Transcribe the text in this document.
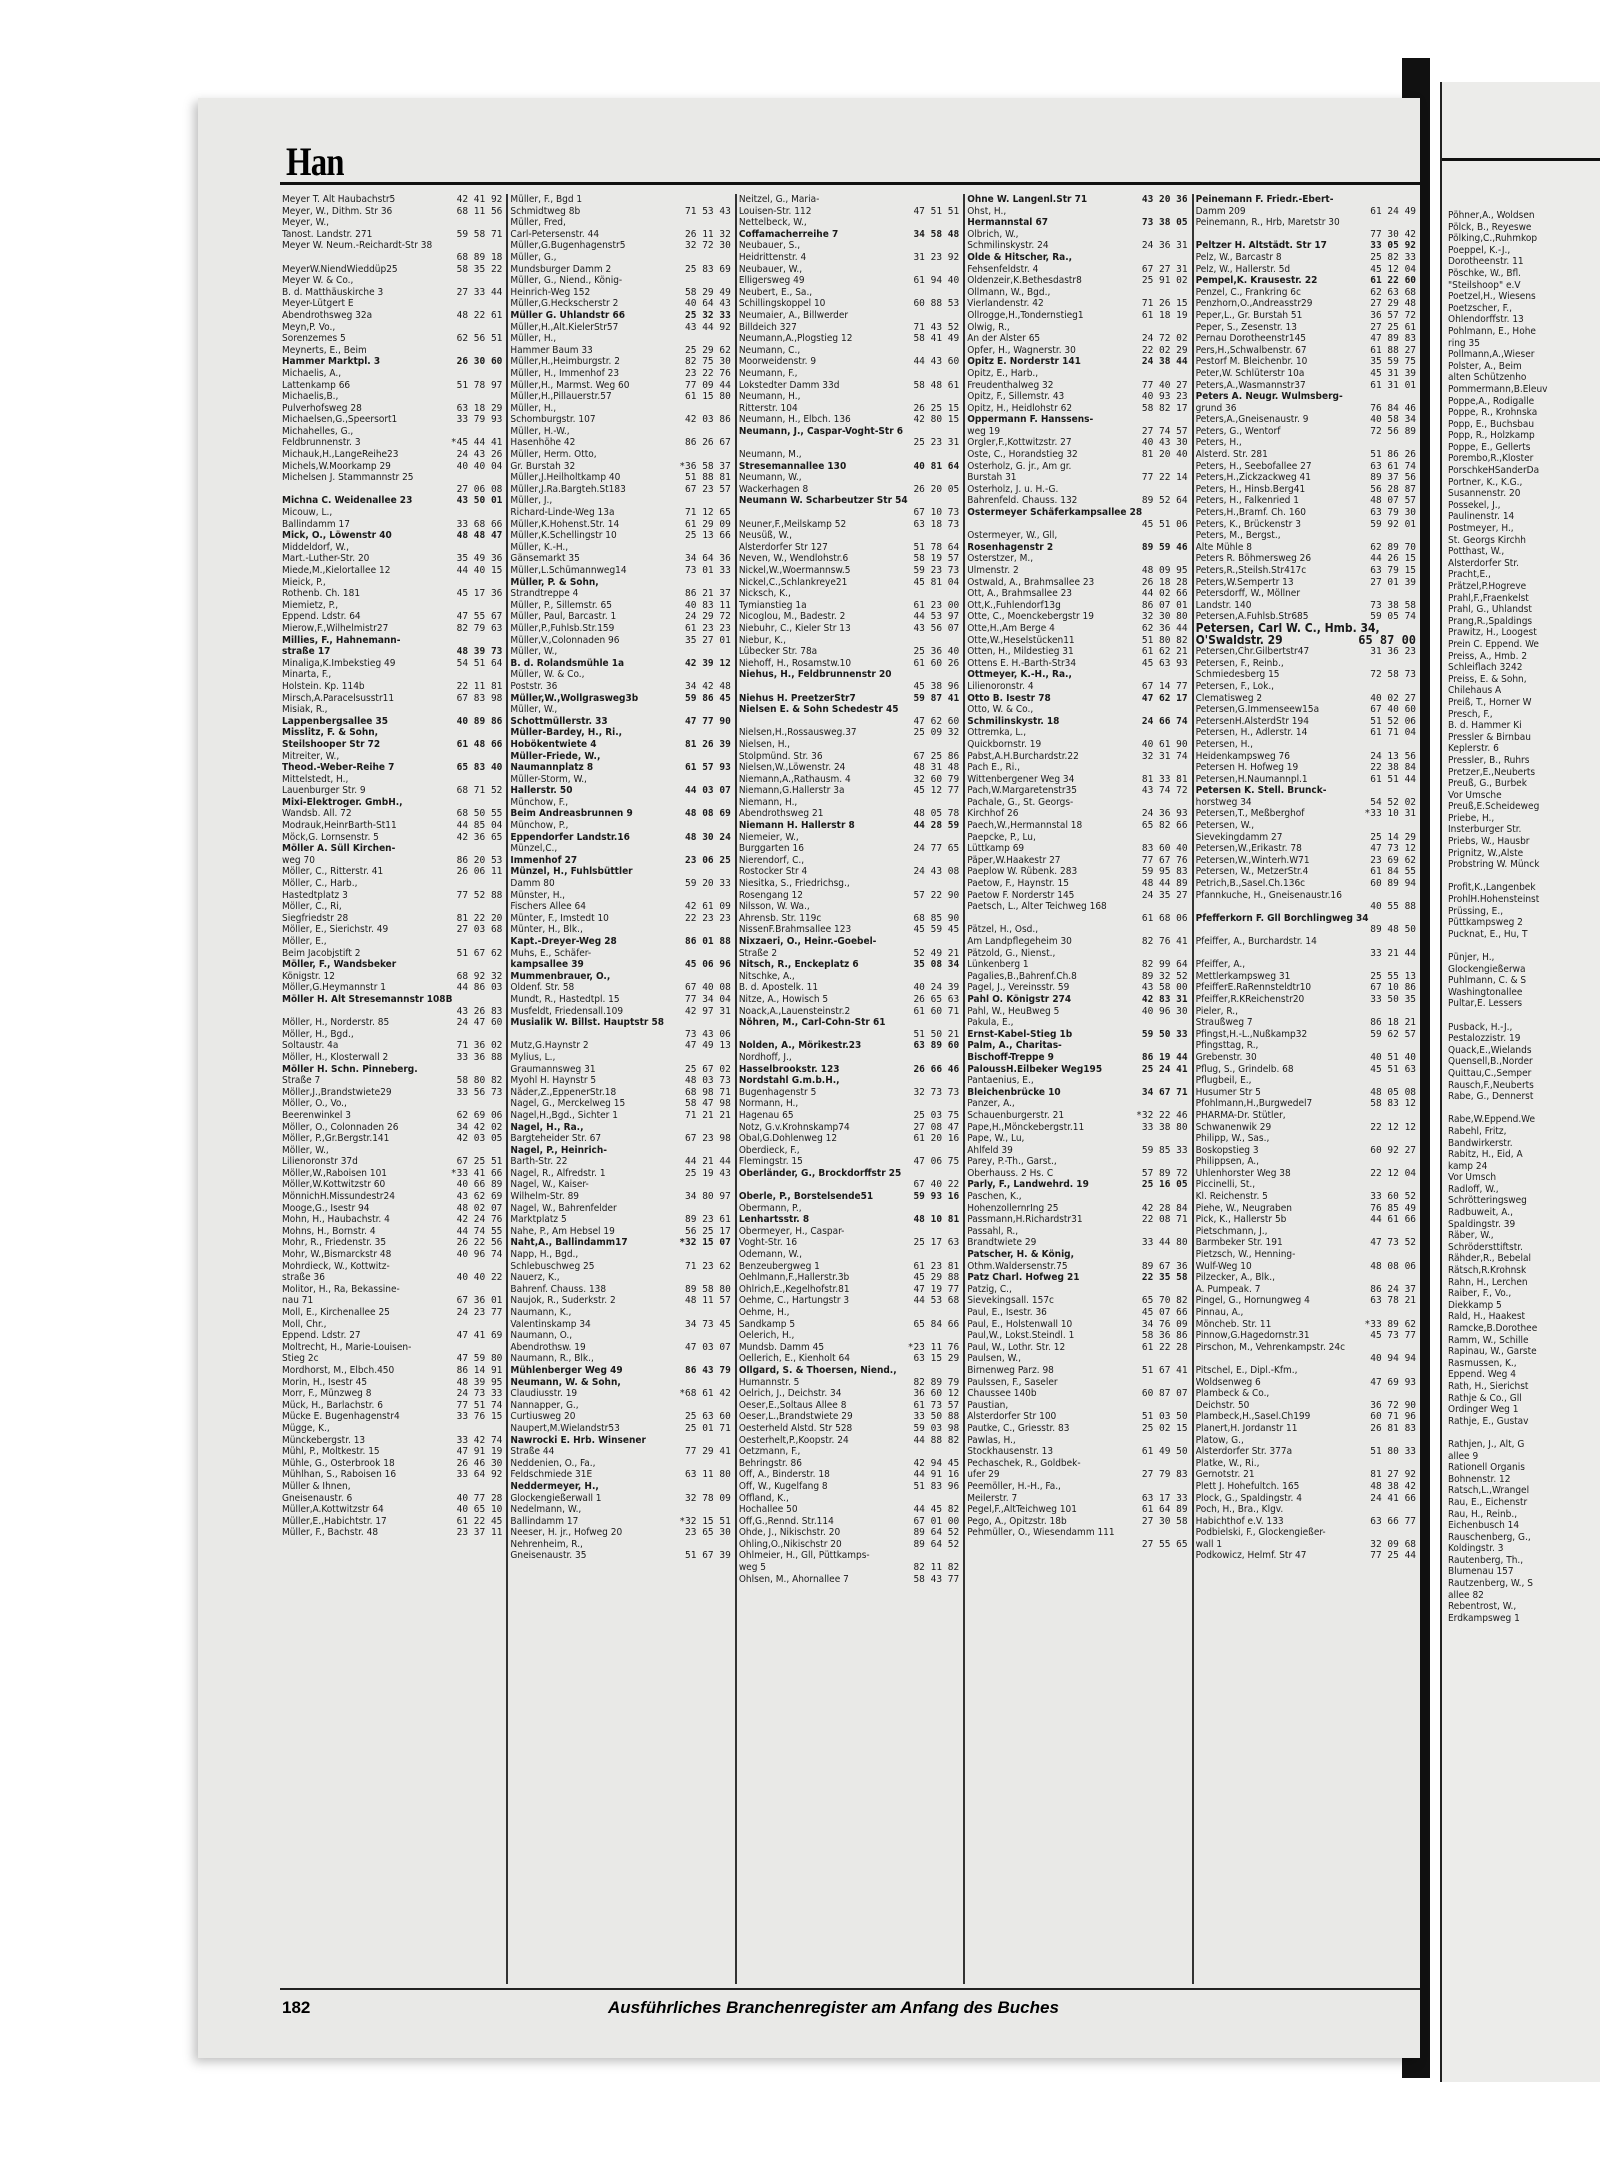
Han
Meyer T. Alt Haubachstr5	42 41 92
Meyer, W., Dithm. Str 36	68 11 56
Meyer, W.,
Tanost. Landstr. 271	59 58 71
Meyer W. Neum.-Reichardt-Str 38
68 89 18
MeyerW.NiendWieddüp25	58 35 22
Meyer W. & Co.,
B. d. Matthäuskirche 3	27 33 44
Meyer-Lütgert E
Abendrothsweg 32a	48 22 61
Meyn,P. Vo.,
Sorenzemes 5	62 56 51
Meynerts, E., Beim
Hammer Marktpl. 3	26 30 60
Michaelis, A.,
Lattenkamp 66	51 78 97
Michaelis,B.,
Pulverhofsweg 28	63 18 29
Michaelsen,G.,Speersort1	33 79 93
Michahelles, G.,
Feldbrunnenstr. 3	*45 44 41
Michauk,H.,LangeReihe23	24 43 26
Michels,W.Moorkamp 29	40 40 04
Michelsen J. Stammannstr 25
27 06 08
Michna C. Weidenallee 23	43 50 01
Micouw, L.,
Ballindamm 17	33 68 66
Mick, O., Löwenstr 40	48 48 47
Middeldorf, W.,
Mart.-Luther-Str. 20	35 49 36
Miede,M.,Kielortallee 12	44 40 15
Mieick, P.,
Rothenb. Ch. 181	45 17 36
Miemietz, P.,
Eppend. Ldstr. 64	47 55 67
Mierow,F.,Wilhelmistr27	82 79 63
Millies, F., Hahnemann-
straße 17	48 39 73
Minaliga,K.Imbekstieg 49	54 51 64
Minarta, F.,
Holstein. Kp. 114b	22 11 81
Mirsch,A.Paracelsusstr11	67 83 98
Misiak, R.,
Lappenbergsallee 35	40 89 86
Misslitz, F. & Sohn,
Steilshooper Str 72	61 48 66
Mitreiter, W.,
Theod.-Weber-Reihe 7	65 83 40
Mittelstedt, H.,
Lauenburger Str. 9	68 71 52
Mixi-Elektroger. GmbH.,
Wandsb. All. 72	68 50 55
Modrauk,HeinrBarth-St11	44 85 04
Möck,G. Lornsenstr. 5	42 36 65
Möller A. Süll Kirchen-
weg 70	86 20 53
Möller, C., Ritterstr. 41	26 06 11
Möller, C., Harb.,
Hastedtplatz 3	77 52 88
Möller, C., Ri,
Siegfriedstr 28	81 22 20
Möller, E., Sierichstr. 49	27 03 68
Möller, E.,
Beim Jacobjstift 2	51 67 62
Möller, F., Wandsbeker
Königstr. 12	68 92 32
Möller,G.Heymannstr 1	44 86 03
Möller H. Alt Stresemannstr 108B
43 26 83
Möller, H., Norderstr. 85	24 47 60
Möller, H., Bgd.,
Soltaustr. 4a	71 36 02
Möller, H., Klosterwall 2	33 36 88
Möller H. Schn. Pinneberg.
Straße 7	58 80 82
Möller,J.,Brandstwiete29	33 56 73
Möller, O., Vo.,
Beerenwinkel 3	62 69 06
Möller, O., Colonnaden 26	34 42 02
Möller, P.,Gr.Bergstr.141	42 03 05
Möller, W.,
Lilienoronstr 37d	67 25 51
Möller,W.,Raboisen 101	*33 41 66
Möller,W.Kottwitzstr 60	40 66 89
MönnichH.Missundestr24	43 62 69
Mooge,G., Isestr 94	48 02 07
Mohn, H., Haubachstr. 4	42 24 76
Mohns, H., Bornstr. 4	44 74 55
Mohr, R., Friedenstr. 35	26 22 56
Mohr, W.,Bismarckstr 48	40 96 74
Mohrdieck, W., Kottwitz-
straße 36	40 40 22
Molitor, H., Ra, Bekassine-
nau 71	67 36 01
Moll, E., Kirchenallee 25	24 23 77
Moll, Chr.,
Eppend. Ldstr. 27	47 41 69
Moltrecht, H., Marie-Louisen-
Stieg 2c	47 59 80
Mordhorst, M., Elbch.450	86 14 91
Morin, H., Isestr 45	48 39 95
Morr, F., Münzweg 8	24 73 33
Mück, H., Barlachstr. 6	77 51 74
Mücke E. Bugenhagenstr4	33 76 15
Mügge, K.,
Münckebergstr. 13	33 42 74
Mühl, P., Moltkestr. 15	47 91 19
Mühle, G., Osterbrook 18	26 46 30
Mühlhan, S., Raboisen 16	33 64 92
Müller & Ihnen,
Gneisenaustr. 6	40 77 28
Müller,A.Kottwitzstr 64	40 65 10
Müller,E.,Habichtstr. 17	61 22 45
Müller, F., Bachstr. 48	23 37 11
Müller, F., Bgd 1
Schmidtweg 8b	71 53 43
Müller, Fred,
Carl-Petersenstr. 44	26 11 32
Müller,G.Bugenhagenstr5	32 72 30
Müller, G.,
Mundsburger Damm 2	25 83 69
Müller, G., Niend., König-
Heinrich-Weg 152	58 29 49
Müller,G.Heckscherstr 2	40 64 43
Müller G. Uhlandstr 66	25 32 33
Müller,H.,Alt.KielerStr57	43 44 92
Müller, H.,
Hammer Baum 33	25 29 62
Müller,H.,Heimburgstr. 2	82 75 30
Müller, H., Immenhof 23	23 22 76
Müller,H., Marmst. Weg 60	77 09 44
Müller,H.,Pillauerstr.57	61 15 80
Müller, H.,
Schomburgstr. 107	42 03 86
Müller, H.-W.,
Hasenhöhe 42	86 26 67
Müller, Herm. Otto,
Gr. Burstah 32	*36 58 37
Müller,J.Heilholtkamp 40	51 88 81
Müller,J.Ra.Bargteh.St183	67 23 57
Müller, J.,
Richard-Linde-Weg 13a	71 12 65
Müller,K.Hohenst.Str. 14	61 29 09
Müller,K.Schellingstr 10	25 13 66
Müller, K.-H.,
Gänsemarkt 35	34 64 36
Müller,L.Schümannweg14	73 01 33
Müller, P. & Sohn,
Strandtreppe 4	86 21 37
Müller, P., Sillemstr. 65	40 83 11
Müller, Paul, Barcastr. 1	24 29 72
Müller,P.,Fuhlsb.Str.159	61 23 23
Müller,V.,Colonnaden 96	35 27 01
Müller, W.,
B. d. Rolandsmühle 1a	42 39 12
Müller, W. & Co.,
Poststr. 36	34 42 48
Müller,W.,Wollgrasweg3b	59 86 45
Müller, W.,
Schottmüllerstr. 33	47 77 90
Müller-Bardey, H., Ri.,
Hobökentwiete 4	81 26 39
Müller-Friede, W.,
Naumannplatz 8	61 57 93
Müller-Storm, W.,
Hallerstr. 50	44 03 07
Münchow, F.,
Beim Andreasbrunnen 9	48 08 69
Münchow, P.,
Eppendorfer Landstr.16	48 30 24
Münzel,C.,
Immenhof 27	23 06 25
Münzel, H., Fuhlsbüttler
Damm 80	59 20 33
Münster, H.,
Fischers Allee 64	42 61 09
Münter, F., Imstedt 10	22 23 23
Münter, H., Blk.,
Kapt.-Dreyer-Weg 28	86 01 88
Muhs, E., Schäfer-
kampsallee 39	45 06 96
Mummenbrauer, O.,
Oldenf. Str. 58	67 40 08
Mundt, R., Hastedtpl. 15	77 34 04
Musfeldt, Friedensall.109	42 97 31
Musialik W. Billst. Hauptstr 58
73 43 06
Mutz,G.Haynstr 2	47 49 13
Mylius, L.,
Graumannsweg 31	25 67 02
Myohl H. Haynstr 5	48 03 73
Näder,Z.,EppenerStr.18	68 98 71
Nagel, G., Merckelweg 15	58 47 98
Nagel,H.,Bgd., Sichter 1	71 21 21
Nagel, H., Ra.,
Bargteheider Str. 67	67 23 98
Nagel, P., Heinrich-
Barth-Str. 22	44 21 44
Nagel, R., Alfredstr. 1	25 19 43
Nagel, W., Kaiser-
Wilhelm-Str. 89	34 80 97
Nagel, W., Bahrenfelder
Marktplatz 5	89 23 61
Nahe, P., Am Hebsel 19	56 25 17
Naht,A., Ballindamm17	*32 15 07
Napp, H., Bgd.,
Schlebuschweg 25	71 23 62
Nauerz, K.,
Bahrenf. Chauss. 138	89 58 80
Naujok, R., Suderkstr. 2	48 11 57
Naumann, K.,
Valentinskamp 34	34 73 45
Naumann, O.,
Abendrothsw. 19	47 03 07
Naumann, R., Blk.,
Mühlenberger Weg 49	86 43 79
Neumann, W. & Sohn,
Claudiusstr. 19	*68 61 42
Nannapper, G.,
Curtiusweg 20	25 63 60
Naupert,M.Wielandstr53	25 01 71
Nawrocki E. Hrb. Winsener
Straße 44	77 29 41
Neddenien, O., Fa.,
Feldschmiede 31E	63 11 80
Neddermeyer, H.,
Glockengießerwall 1	32 78 09
Nedelmann, W.,
Ballindamm 17	*32 15 51
Neeser, H. jr., Hofweg 20	23 65 30
Nehrenheim, R.,
Gneisenaustr. 35	51 67 39
Neitzel, G., Maria-
Louisen-Str. 112	47 51 51
Nettelbeck, W.,
Coffamacherreihe 7	34 58 48
Neubauer, S.,
Heidrittenstr. 4	31 23 92
Neubauer, W.,
Elligersweg 49	61 94 40
Neubert, E., Sa.,
Schillingskoppel 10	60 88 53
Neumaier, A., Billwerder
Billdeich 327	71 43 52
Neumann,A.,Plogstieg 12	58 41 49
Neumann, C.,
Moorweidenstr. 9	44 43 60
Neumann, F.,
Lokstedter Damm 33d	58 48 61
Neumann, H.,
Ritterstr. 104	26 25 15
Neumann, H., Elbch. 136	42 80 15
Neumann, J., Caspar-Voght-Str 6
25 23 31
Neumann, M.,
Stresemannallee 130	40 81 64
Neumann, W.,
Wackerhagen 8	26 20 05
Neumann W. Scharbeutzer Str 54
67 10 73
Neuner,F.,Meilskamp 52	63 18 73
Neusüß, W.,
Alsterdorfer Str 127	51 78 64
Neven, W., Wendlohstr.6	58 19 57
Nickel,W.,Woermannsw.5	59 23 73
Nickel,C.,Schlankreye21	45 81 04
Nicksch, K.,
Tymianstieg 1a	61 23 00
Nicoglou, M., Badestr. 2	44 53 97
Niebuhr, C., Kieler Str 13	43 56 07
Niebur, K.,
Lübecker Str. 78a	25 36 40
Niehoff, H., Rosamstw.10	61 60 26
Niehus, H., Feldbrunnenstr 20
45 38 96
Niehus H. PreetzerStr7	59 87 41
Nielsen E. & Sohn Schedestr 45
47 62 60
Nielsen,H.,Rossausweg.37	25 09 32
Nielsen, H.,
Stolpmünd. Str. 36	67 25 86
Nielsen,W.,Löwenstr. 24	48 31 48
Niemann,A.,Rathausm. 4	32 60 79
Niemann,G.Hallerstr 3a	45 12 77
Niemann, H.,
Abendrothsweg 21	48 05 78
Niemann H. Hallerstr 8	44 28 59
Niemeier, W.,
Burggarten 16	24 77 65
Nierendorf, C.,
Rostocker Str 4	24 43 08
Niesitka, S., Friedrichsg.,
Rosengang 12	57 22 90
Nilsson, W. Wa.,
Ahrensb. Str. 119c	68 85 90
NissenF.Brahmsallee 123	45 59 45
Nixzaeri, O., Heinr.-Goebel-
Straße 2	52 49 21
Nitsch, R., Enckeplatz 6	35 08 34
Nitschke, A.,
B. d. Apostelk. 11	40 24 39
Nitze, A., Howisch 5	26 65 63
Noack,A.,Lauensteinstr.2	61 60 71
Nöhren, M., Carl-Cohn-Str 61
51 50 21
Nolden, A., Mörikestr.23	63 89 60
Nordhoff, J.,
Hasselbrookstr. 123	26 66 46
Nordstahl G.m.b.H.,
Bugenhagenstr 5	32 73 73
Normann, H.,
Hagenau 65	25 03 75
Notz, G.v.Krohnskamp74	27 08 47
Obal,G.Dohlenweg 12	61 20 16
Oberdieck, F.,
Flemingstr. 15	47 06 75
Oberländer, G., Brockdorffstr 25
67 40 22
Oberle, P., Borstelsende51	59 93 16
Obermann, P.,
Lenhartsstr. 8	48 10 81
Obermeyer, H., Caspar-
Voght-Str. 16	25 17 63
Odemann, W.,
Benzeubergweg 1	61 23 81
Oehlmann,F.,Hallerstr.3b	45 29 88
Ohlrich,E.,Kegelhofstr.81	47 19 77
Oehme, C., Hartungstr 3	44 53 68
Oehme, H.,
Sandkamp 5	65 84 66
Oelerich, H.,
Mundsb. Damm 45	*23 11 76
Oellerich, E., Kienholt 64	63 15 29
Ollgard, S. & Thoersen, Niend.,
Humannstr. 5	82 89 79
Oelrich, J., Deichstr. 34	36 60 12
Oeser,E.,Soltaus Allee 8	61 73 57
Oeser,L.,Brandstwiete 29	33 50 88
Oesterheld Alstd. Str 528	59 03 98
Oesterhelt,P.,Koopstr. 24	44 88 82
Oetzmann, F.,
Behringstr. 86	42 94 45
Off, A., Binderstr. 18	44 91 16
Off, W., Kugelfang 8	51 83 96
Offland, K.,
Hochallee 50	44 45 82
Off,G.,Rennd. Str.114	67 01 00
Ohde, J., Nikischstr. 20	89 64 52
Ohling,O.,Nikischstr 20	89 64 52
Ohlmeier, H., Gll, Püttkamps-
weg 5	82 11 82
Ohlsen, M., Ahornallee 7	58 43 77
Ohne W. Langenl.Str 71	43 20 36
Ohst, H.,
Hermannstal 67	73 38 05
Olbrich, W.,
Schmilinskystr. 24	24 36 31
Olde & Hitscher, Ra.,
Fehsenfeldstr. 4	67 27 31
Oldenzeir,K.Bethesdastr8	25 91 02
Ollmann, W., Bgd.,
Vierlandenstr. 42	71 26 15
Ollrogge,H.,Tondernstieg1	61 18 19
Olwig, R.,
An der Alster 65	24 72 02
Opfer, H., Wagnerstr. 30	22 02 29
Opitz E. Norderstr 141	24 38 44
Opitz, E., Harb.,
Freudenthalweg 32	77 40 27
Opitz, F., Sillemstr. 43	40 93 23
Opitz, H., Heidlohstr 62	58 82 17
Oppermann F. Hanssens-
weg 19	27 74 57
Orgler,F.,Kottwitzstr. 27	40 43 30
Oste, C., Horandstieg 32	81 20 40
Osterholz, G. jr., Am gr.
Burstah 31	77 22 14
Osterholz, J. u. H.-G.
Bahrenfeld. Chauss. 132	89 52 64
Ostermeyer Schäferkampsallee 28
45 51 06
Ostermeyer, W., Gll,
Rosenhagenstr 2	89 59 46
Osterstzer, M.,
Ulmenstr. 2	48 09 95
Ostwald, A., Brahmsallee 23	26 18 28
Ott, A., Brahmsallee 23	44 02 66
Ott,K.,Fuhlendorf13g	86 07 01
Otte, C., Moenckebergstr 19	32 30 80
Otte,H.,Am Berge 4	62 36 44
Otte,W.,Heselstücken11	51 80 82
Otten, H., Mildestieg 31	61 62 21
Ottens E. H.-Barth-Str34	45 63 93
Ottmeyer, K.-H., Ra.,
Lilienoronstr. 4	67 14 77
Otto B. Isestr 78	47 62 17
Otto, W. & Co.,
Schmilinskystr. 18	24 66 74
Ottremka, L.,
Quickbornstr. 19	40 61 90
Pabst,A.H.Burchardstr.22	32 31 74
Pach E., Ri.,
Wittenbergener Weg 34	81 33 81
Pach,W.Margaretenstr35	43 74 72
Pachale, G., St. Georgs-
Kirchhof 26	24 36 93
Paech,W.,Hermannstal 18	65 82 66
Paepcke, P., Lu,
Lüttkamp 69	83 60 40
Päper,W.Haakestr 27	77 67 76
Paeplow W. Rübenk. 283	59 95 83
Paetow, F., Haynstr. 15	48 44 89
Paetow F. Norderstr 145	24 35 27
Paetsch, L., Alter Teichweg 168
61 68 06
Pätzel, H., Osd.,
Am Landpflegeheim 30	82 76 41
Pätzold, G., Nienst.,
Lünkenberg 1	82 99 64
Pagalies,B.,Bahrenf.Ch.8	89 32 52
Pagel, J., Vereinsstr. 59	43 58 00
Pahl O. Königstr 274	42 83 31
Pahl, W., HeuBweg 5	40 96 30
Pakula, E.,
Ernst-Kabel-Stieg 1b	59 50 33
Palm, A., Charitas-
Bischoff-Treppe 9	86 19 44
PaloussH.Eilbeker Weg195	25 24 41
Pantaenius, E.,
Bleichenbrücke 10	34 67 71
Panzer, A.,
Schauenburgerstr. 21	*32 22 46
Pape,H.,Mönckebergstr.11	33 38 80
Pape, W., Lu,
Ahlfeld 39	59 85 33
Parey, P.-Th., Garst.,
Oberhauss. 2 Hs. C	57 89 72
Parly, F., Landwehrd. 19	25 16 05
Paschen, K.,
HohenzollernrIng 25	42 28 84
Passmann,H.Richardstr31	22 08 71
Passahl, R.,
Brandtwiete 29	33 44 80
Patscher, H. & König,
Othm.Waldersenstr.75	89 67 36
Patz Charl. Hofweg 21	22 35 58
Patzig, C.,
Sievekingsall. 157c	65 70 82
Paul, E., Isestr. 36	45 07 66
Paul, E., Holstenwall 10	34 76 09
Paul,W., Lokst.Steindl. 1	58 36 86
Paul, W., Lothr. Str. 12	61 22 28
Paulsen, W.,
Birnenweg Parz. 98	51 67 41
Paulssen, F., Saseler
Chaussee 140b	60 87 07
Paustian,
Alsterdorfer Str 100	51 03 50
Pautke, C., Griesstr. 83	25 02 15
Pawlas, H.,
Stockhausenstr. 13	61 49 50
Pechaschek, R., Goldbek-
ufer 29	27 79 83
Peemöller, H.-H., Fa.,
Meilerstr. 7	63 17 33
Pegel,F.,AltTeichweg 101	61 64 89
Pego, A., Opitzstr. 18b	27 30 58
Pehmüller, O., Wiesendamm 111
27 55 65
Peinemann F. Friedr.-Ebert-
Damm 209	61 24 49
Peinemann, R., Hrb, Maretstr 30
77 30 42
Peltzer H. Altstädt. Str 17	33 05 92
Pelz, W., Barcastr 8	25 82 33
Pelz, W., Hallerstr. 5d	45 12 04
Pempel,K. Krausestr. 22	61 22 60
Penzel, C., Frankring 6c	62 63 68
Penzhorn,O.,Andreasstr29	27 29 48
Peper,L., Gr. Burstah 51	36 57 72
Peper, S., Zesenstr. 13	27 25 61
Pernau Dorotheenstr145	47 89 83
Pers,H.,Schwalbenstr. 67	61 88 27
Pestorf M. Bleichenbr. 10	35 59 75
Peter,W. Schlüterstr 10a	45 31 39
Peters,A.,Wasmannstr37	61 31 01
Peters A. Neugr. Wulmsberg-
grund 36	76 84 46
Peters,A.,Gneisenaustr. 9	40 58 34
Peters, G., Wentorf	72 56 89
Peters, H.,
Alsterd. Str. 281	51 86 26
Peters, H., Seebofallee 27	63 61 74
Peters,H.,Zickzackweg 41	89 37 56
Peters, H., Hinsb.Berg41	56 28 87
Peters, H., Falkenried 1	48 07 57
Peters,H.,Bramf. Ch. 160	63 79 30
Peters, K., Brückenstr 3	59 92 01
Peters, M., Bergst.,
Alte Mühle 8	62 89 70
Peters R. Böhmersweg 26	44 26 15
Peters,R.,Steilsh.Str417c	63 79 15
Peters,W.Sempertr 13	27 01 39
Petersdorff, W., Möllner
Landstr. 140	73 38 58
Petersen,A.Fuhlsb.Str685	59 05 74
Petersen, Carl W. C., Hmb. 34,
O'Swaldstr. 29	65 87 00
Petersen,Chr.Gilbertstr47	31 36 23
Petersen, F., Reinb.,
Schmiedesberg 15	72 58 73
Petersen, F., Lok.,
Clematisweg 2	40 02 27
Petersen,G.Immenseew15a	67 40 60
PetersenH.AlsterdStr 194	51 52 06
Petersen, H., Adlerstr. 14	61 71 04
Petersen, H.,
Heidenkampsweg 76	24 13 56
Petersen H. Hofweg 19	22 38 84
Petersen,H.Naumannpl.1	61 51 44
Petersen K. Stell. Brunck-
horstweg 34	54 52 02
Petersen,T., Meßberghof	*33 10 31
Petersen, W.,
Sievekingdamm 27	25 14 29
Petersen,W.,Erikastr. 78	47 73 12
Petersen,W.,Winterh.W71	23 69 62
Petersen, W., MetzerStr.4	61 84 55
Petrich,B.,Sasel.Ch.136c	60 89 94
Pfannkuche, H., Gneisenaustr.16
40 55 88
Pfefferkorn F. Gll Borchlingweg 34
89 48 50
Pfeiffer, A., Burchardstr. 14
33 21 44
Pfeiffer, A.,
Mettlerkampsweg 31	25 55 13
PfeifferE.RaRennsteldtr10	67 10 86
Pfeiffer,R.KReichenstr20	33 50 35
Pieler, R.,
Straußweg 7	86 18 21
Pfingst,H.-L.,Nußkamp32	59 62 57
Pfingsttag, R.,
Grebenstr. 30	40 51 40
Pflug, S., Grindelb. 68	45 51 63
Pflugbeil, E.,
Husumer Str 5	48 05 08
Pfohlmann,H.,Burgwedel7	58 83 12
PHARMA-Dr. Stütler,
Schwanenwik 29	22 12 12
Philipp, W., Sas.,
Boskopstieg 3	60 92 27
Philippsen, A.,
Uhlenhorster Weg 38	22 12 04
Piccinelli, St.,
Kl. Reichenstr. 5	33 60 52
Piehe, W., Neugraben	76 85 49
Pick, K., Hallerstr 5b	44 61 66
Pietschmann, J.,
Barmbeker Str. 191	47 73 52
Pietzsch, W., Henning-
Wulf-Weg 10	48 08 06
Pilzecker, A., Blk.,
A. Pumpeak. 7	86 24 37
Pingel, G., Hornungweg 4	63 78 21
Pinnau, A.,
Möncheb. Str. 11	*33 89 62
Pinnow,G.Hagedornstr.31	45 73 77
Pirschon, M., Vehrenkampstr. 24c
40 94 94
Pitschel, E., Dipl.-Kfm.,
Woldsenweg 6	47 69 93
Plambeck & Co.,
Deichstr. 50	36 72 90
Plambeck,H.,Sasel.Ch199	60 71 96
Planert,H. Jordanstr 11	26 81 83
Platow, G.,
Alsterdorfer Str. 377a	51 80 33
Platke, W., Ri.,
Gernotstr. 21	81 27 92
Plett J. Hohefultch. 165	48 38 42
Plock, G., Spaldingstr. 4	24 41 66
Poch, H., Bra., Klgv.
Habichthof e.V. 133	63 66 77
Podbielski, F., Glockengießer-
wall 1	32 09 68
Podkowicz, Helmf. Str 47	77 25 44
182	Ausführliches Branchenregister am Anfang des Buches
Pöhner,A., Woldsen
Pölck, B., Reyeswe
Pölking,C.,Ruhmkop
Poeppel, K.-J.,
Dorotheenstr. 11
Pöschke, W., Bfl.
"Steilshoop" e.V
Poetzel,H., Wiesens
Poetzscher, F.,
Ohlendorffstr. 13
Pohlmann, E., Hohe
ring 35
Pollmann,A.,Wieser
Polster, A., Beim
alten Schützenho
Pommermann,B.Eleuv
Poppe,A., Rodigalle
Poppe, R., Krohnska
Popp, E., Buchsbau
Popp, R., Holzkamp
Poppe, E., Gellerts
Porembo,R.,Kloster
PorschkeHSanderDa
Portner, K., K.G.,
Susannenstr. 20
Possekel, J.,
Paulinenstr. 14
Postmeyer, H.,
St. Georgs Kirchh
Potthast, W.,
Alsterdorfer Str.
Pracht,E.,
Prätzel,P.Hogreve
Prahl,F.,Fraenkelst
Prahl, G., Uhlandst
Prang,R.,Spaldings
Prawitz, H., Loogest
Prein C. Eppend. We
Preiss, A., Hmb. 2
Schleiflach 3242
Preiss, E. & Sohn,
Chilehaus A
Preiß, T., Horner W
Presch, F.,
B. d. Hammer Ki
Pressler & Birnbau
Keplerstr. 6
Pressler, B., Ruhrs
Pretzer,E.,Neuberts
Preuß, G., Burbek
Vor Umsche
Preuß,E.Scheideweg
Priebe, H.,
Insterburger Str.
Priebs, W., Hausbr
Prignitz, W.,Alste
Probstring W. Münck

Profit,K.,Langenbek
ProhlH.Hohensteinst
Prüssing, E.,
Püttkampsweg 2
Pucknat, E., Hu, T

Pünjer, H.,
Glockengießerwa
Puhlmann, C. & S
Washingtonallee
Pultar,E. Lessers

Pusback, H.-J.,
Pestalozzistr. 19
Quack,E.,Wielands
Quensell,B.,Norder
Quittau,C.,Semper
Rausch,F.,Neuberts
Rabe, G., Dennerst

Rabe,W.Eppend.We
Rabehl, Fritz,
Bandwirkerstr.
Rabitz, H., Eid, A
kamp 24
Vor Umsch
Radloff, W.,
Schrötteringsweg
Radbuweit, A.,
Spaldingstr. 39
Räber, W.,
Schrödersttiftstr.
Rähder,R., Bebelal
Rätsch,R.Krohnsk
Rahn, H., Lerchen
Raiber, F., Vo.,
Diekkamp 5
Rald, H., Haakest
Ramcke,B.Dorothee
Ramm, W., Schille
Rapinau, W., Garste
Rasmussen, K.,
Eppend. Weg 4
Rath, H., Sierichst
Rathje & Co., Gll
Ordinger Weg 1
Rathje, E., Gustav

Rathjen, J., Alt, G
allee 9
Rationell Organis
Bohnenstr. 12
Ratsch,L.,Wrangel
Rau, E., Eichenstr
Rau, H., Reinb.,
Eichenbusch 14
Rauschenberg, G.,
Koldingstr. 3
Rautenberg, Th.,
Blumenau 157
Rautzenberg, W., S
allee 82
Rebentrost, W.,
Erdkampsweg 1
